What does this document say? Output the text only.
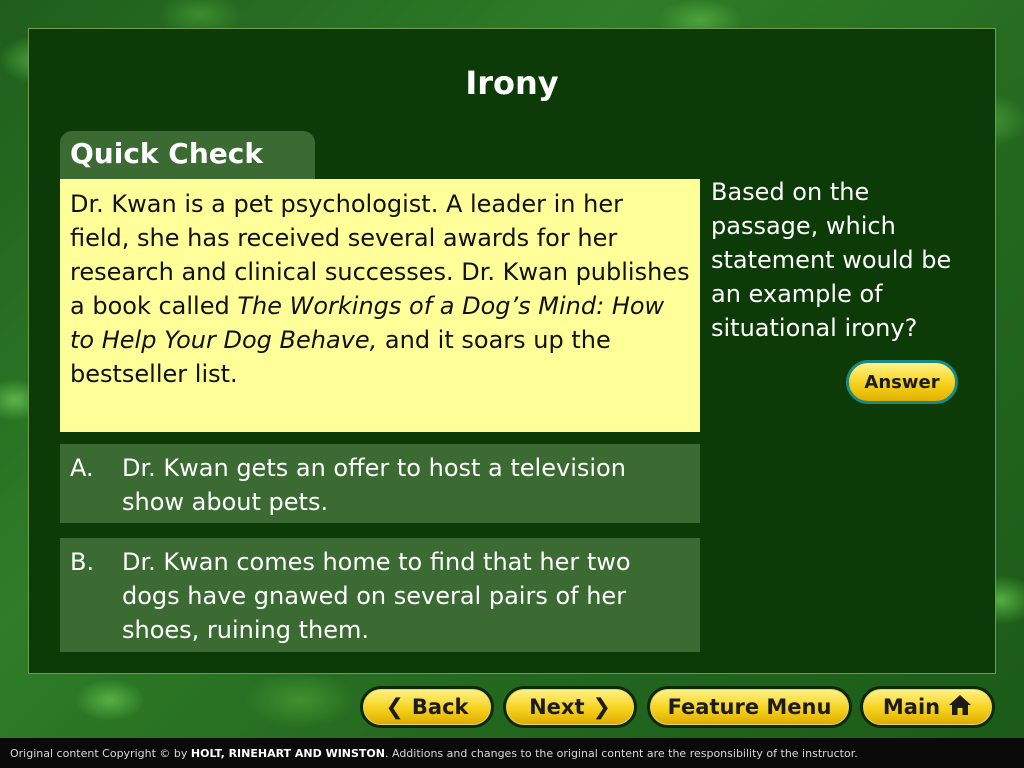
Irony
Quick Check
Dr. Kwan is a pet psychologist. A leader in her field, she has received several awards for her research and clinical successes. Dr. Kwan publishes a book called The Workings of a Dog’s Mind: How to Help Your Dog Behave, and it soars up the bestseller list.
Based on the passage, which statement would be an example of situational irony?
Answer
A.	Dr. Kwan gets an offer to host a television show about pets.
B.	Dr. Kwan comes home to find that her two dogs have gnawed on several pairs of her shoes, ruining them.
❮ Back	Next ❯	Feature Menu Main
Original content Copyright © by HOLT, RINEHART AND WINSTON. Additions and changes to the original content are the responsibility of the instructor.
